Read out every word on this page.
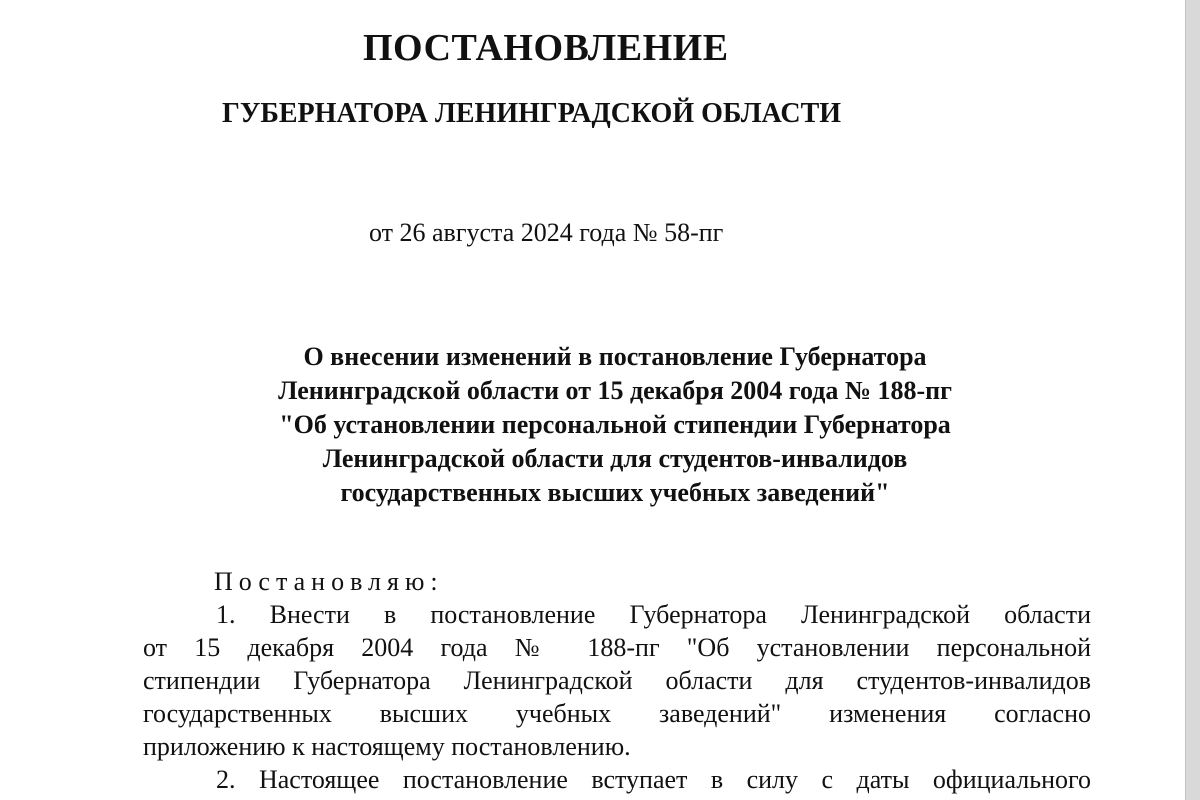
ПОСТАНОВЛЕНИЕ
ГУБЕРНАТОРА ЛЕНИНГРАДСКОЙ ОБЛАСТИ
от 26 августа 2024 года № 58-пг
О внесении изменений в постановление Губернатора
Ленинградской области от 15 декабря 2004 года № 188-пг
"Об установлении персональной стипендии Губернатора
Ленинградской области для студентов-инвалидов
государственных высших учебных заведений"
Постановляю:
1. Внести в постановление Губернатора Ленинградской области
от 15 декабря 2004 года № 188-пг "Об установлении персональной
стипендии Губернатора Ленинградской области для студентов-инвалидов
государственных высших учебных заведений" изменения согласно
приложению к настоящему постановлению.
2. Настоящее постановление вступает в силу с даты официального
